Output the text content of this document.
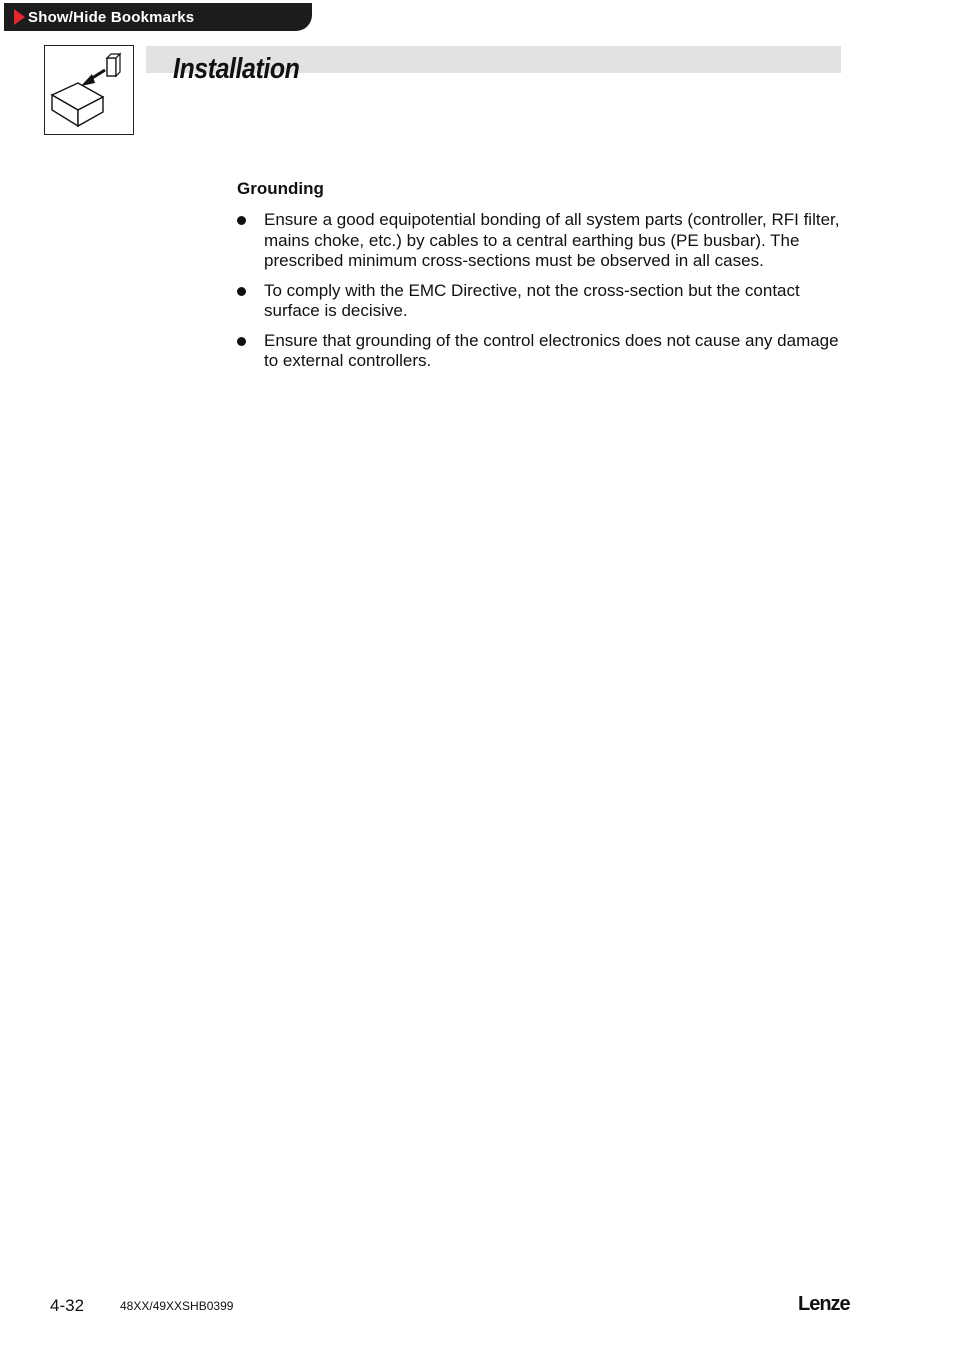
Show/Hide Bookmarks
Installation
Grounding
Ensure a good equipotential bonding of all system parts (controller, RFI filter, mains choke, etc.) by cables to a central earthing bus (PE busbar). The prescribed minimum cross-sections must be observed in all cases.
To comply with the EMC Directive, not the cross-section but the contact surface is decisive.
Ensure that grounding of the control electronics does not cause any damage to external controllers.
4-32	48XX/49XXSHB0399	Lenze
